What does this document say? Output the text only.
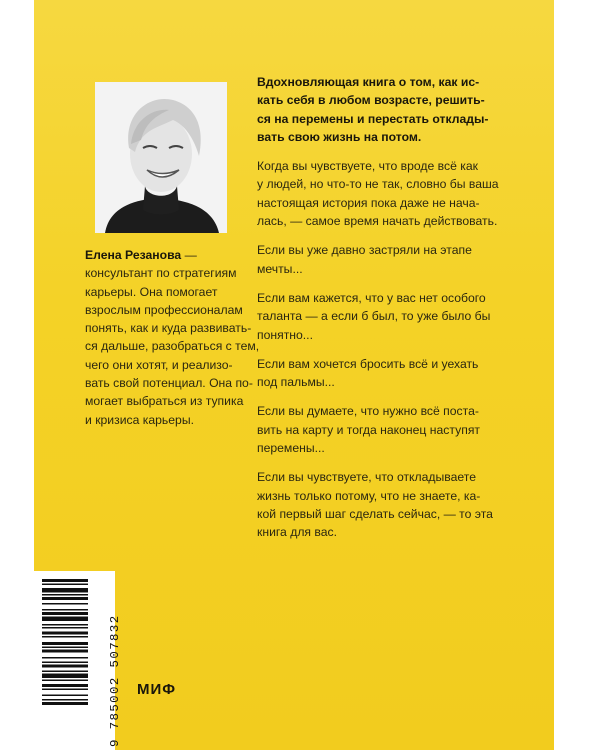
Елена Резанова —
консультант по стратегиям
карьеры. Она помогает
взрослым профессионалам
понять, как и куда развивать-
ся дальше, разобраться с тем,
чего они хотят, и реализо-
вать свой потенциал. Она по-
могает выбраться из тупика
и кризиса карьеры.
Вдохновляющая книга о том, как ис-
кать себя в любом возрасте, решить-
ся на перемены и перестать отклады-
вать свою жизнь на потом.
Когда вы чувствуете, что вроде всё как
у людей, но что-то не так, словно бы ваша
настоящая история пока даже не начa-
лась, — самое время начать действовать.
Если вы уже давно застряли на этапе
мечты...
Если вам кажется, что у вас нет особого
таланта — а если б был, то уже было бы
понятно...
Если вам хочется бросить всё и уехать
под пальмы...
Если вы думаете, что нужно всё поста-
вить на карту и тогда наконец наступят
перемены...
Если вы чувствуете, что откладываете
жизнь только потому, что не знаете, ка-
кой первый шаг сделать сейчас, — то эта
книга для вас.
9 785002 507832 МИФ
